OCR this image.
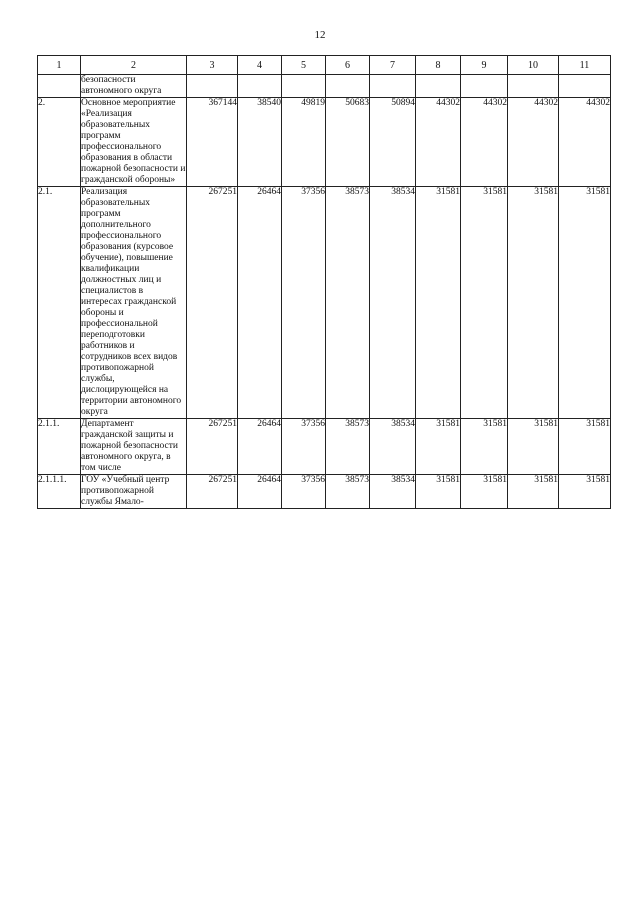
12
1	2	3	4	5	6	7	8	9	10	11
	безопасности автономного округа									
2.	Основное мероприятие «Реализация образовательных программ профессионального образования в области пожарной безопасности и гражданской обороны»	367144	38540	49819	50683	50894	44302	44302	44302	44302
2.1.	Реализация образовательных программ дополнительного профессионального образования (курсовое обучение), повышение квалификации должностных лиц и специалистов в интересах гражданской обороны и профессиональной переподготовки работников и сотрудников всех видов противопожарной службы, дислоцирующейся на территории автономного округа	267251	26464	37356	38573	38534	31581	31581	31581	31581
2.1.1.	Департамент гражданской защиты и пожарной безопасности автономного округа, в том числе	267251	26464	37356	38573	38534	31581	31581	31581	31581
2.1.1.1.	ГОУ «Учебный центр противопожарной службы Ямало-	267251	26464	37356	38573	38534	31581	31581	31581	31581
